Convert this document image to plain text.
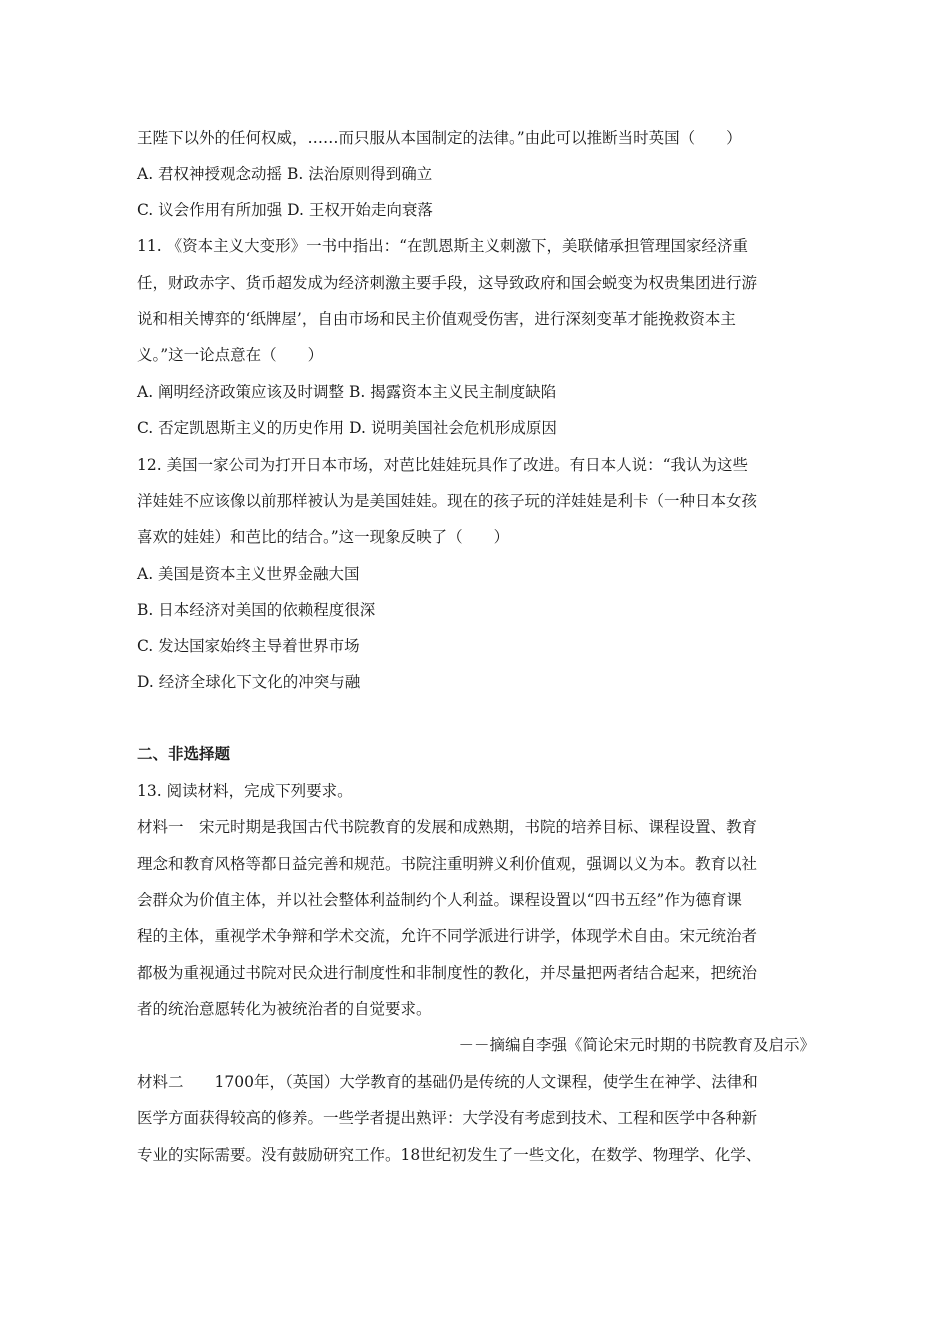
王陛下以外的任何权威，……而只服从本国制定的法律。”由此可以推断当时英国（　　）
A. 君权神授观念动摇 B. 法治原则得到确立
C. 议会作用有所加强 D. 王权开始走向衰落
11. 《资本主义大变形》一书中指出：“在凯恩斯主义刺激下，美联储承担管理国家经济重
任，财政赤字、货币超发成为经济刺激主要手段，这导致政府和国会蜕变为权贵集团进行游
说和相关博弈的‘纸牌屋’，自由市场和民主价值观受伤害，进行深刻变革才能挽救资本主
义。”这一论点意在（　　）
A. 阐明经济政策应该及时调整 B. 揭露资本主义民主制度缺陷
C. 否定凯恩斯主义的历史作用 D. 说明美国社会危机形成原因
12. 美国一家公司为打开日本市场，对芭比娃娃玩具作了改进。有日本人说：“我认为这些
洋娃娃不应该像以前那样被认为是美国娃娃。现在的孩子玩的洋娃娃是利卡（一种日本女孩
喜欢的娃娃）和芭比的结合。”这一现象反映了（　　）
A. 美国是资本主义世界金融大国
B. 日本经济对美国的依赖程度很深
C. 发达国家始终主导着世界市场
D. 经济全球化下文化的冲突与融
二、非选择题
13. 阅读材料，完成下列要求。
材料一　宋元时期是我国古代书院教育的发展和成熟期，书院的培养目标、课程设置、教育
理念和教育风格等都日益完善和规范。书院注重明辨义利价值观，强调以义为本。教育以社
会群众为价值主体，并以社会整体利益制约个人利益。课程设置以“四书五经”作为德育课
程的主体，重视学术争辩和学术交流，允许不同学派进行讲学，体现学术自由。宋元统治者
都极为重视通过书院对民众进行制度性和非制度性的教化，并尽量把两者结合起来，把统治
者的统治意愿转化为被统治者的自觉要求。
－－摘编自李强《简论宋元时期的书院教育及启示》
材料二　　1700年，（英国）大学教育的基础仍是传统的人文课程，使学生在神学、法律和
医学方面获得较高的修养。一些学者提出熟评：大学没有考虑到技术、工程和医学中各种新
专业的实际需要。没有鼓励研究工作。18世纪初发生了一些文化，在数学、物理学、化学、
